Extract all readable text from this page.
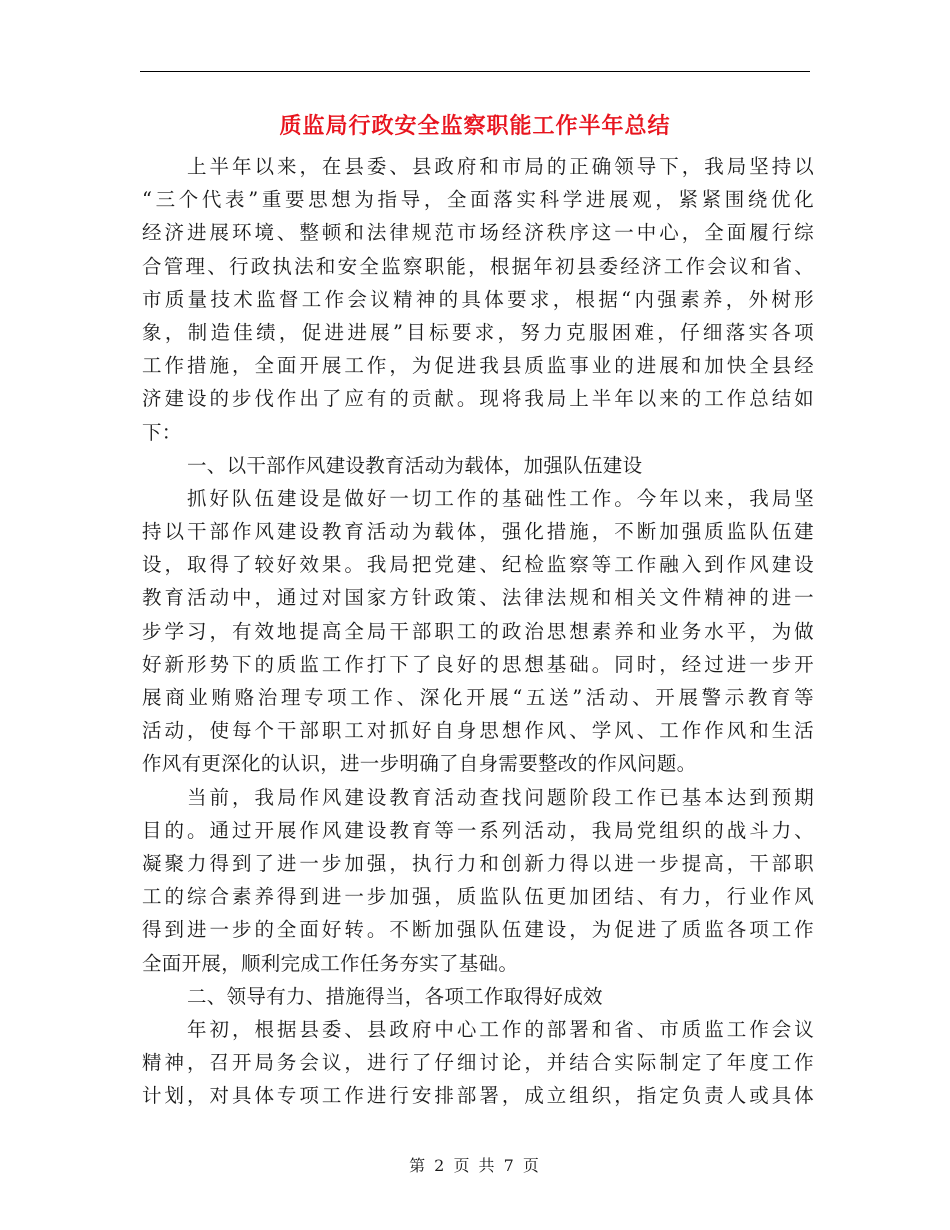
质监局行政安全监察职能工作半年总结
上半年以来，在县委、县政府和市局的正确领导下，我局坚持以
“三个代表”重要思想为指导，全面落实科学进展观，紧紧围绕优化
经济进展环境、整顿和法律规范市场经济秩序这一中心，全面履行综
合管理、行政执法和安全监察职能，根据年初县委经济工作会议和省、
市质量技术监督工作会议精神的具体要求，根据“内强素养，外树形
象，制造佳绩，促进进展”目标要求，努力克服困难，仔细落实各项
工作措施，全面开展工作，为促进我县质监事业的进展和加快全县经
济建设的步伐作出了应有的贡献。现将我局上半年以来的工作总结如
下：
一、以干部作风建设教育活动为载体，加强队伍建设
抓好队伍建设是做好一切工作的基础性工作。今年以来，我局坚
持以干部作风建设教育活动为载体，强化措施，不断加强质监队伍建
设，取得了较好效果。我局把党建、纪检监察等工作融入到作风建设
教育活动中，通过对国家方针政策、法律法规和相关文件精神的进一
步学习，有效地提高全局干部职工的政治思想素养和业务水平，为做
好新形势下的质监工作打下了良好的思想基础。同时，经过进一步开
展商业贿赂治理专项工作、深化开展“五送”活动、开展警示教育等
活动，使每个干部职工对抓好自身思想作风、学风、工作作风和生活
作风有更深化的认识，进一步明确了自身需要整改的作风问题。
当前，我局作风建设教育活动查找问题阶段工作已基本达到预期
目的。通过开展作风建设教育等一系列活动，我局党组织的战斗力、
凝聚力得到了进一步加强，执行力和创新力得以进一步提高，干部职
工的综合素养得到进一步加强，质监队伍更加团结、有力，行业作风
得到进一步的全面好转。不断加强队伍建设，为促进了质监各项工作
全面开展，顺利完成工作任务夯实了基础。
二、领导有力、措施得当，各项工作取得好成效
年初，根据县委、县政府中心工作的部署和省、市质监工作会议
精神，召开局务会议，进行了仔细讨论，并结合实际制定了年度工作
计划，对具体专项工作进行安排部署，成立组织，指定负责人或具体
第 2 页 共 7 页
